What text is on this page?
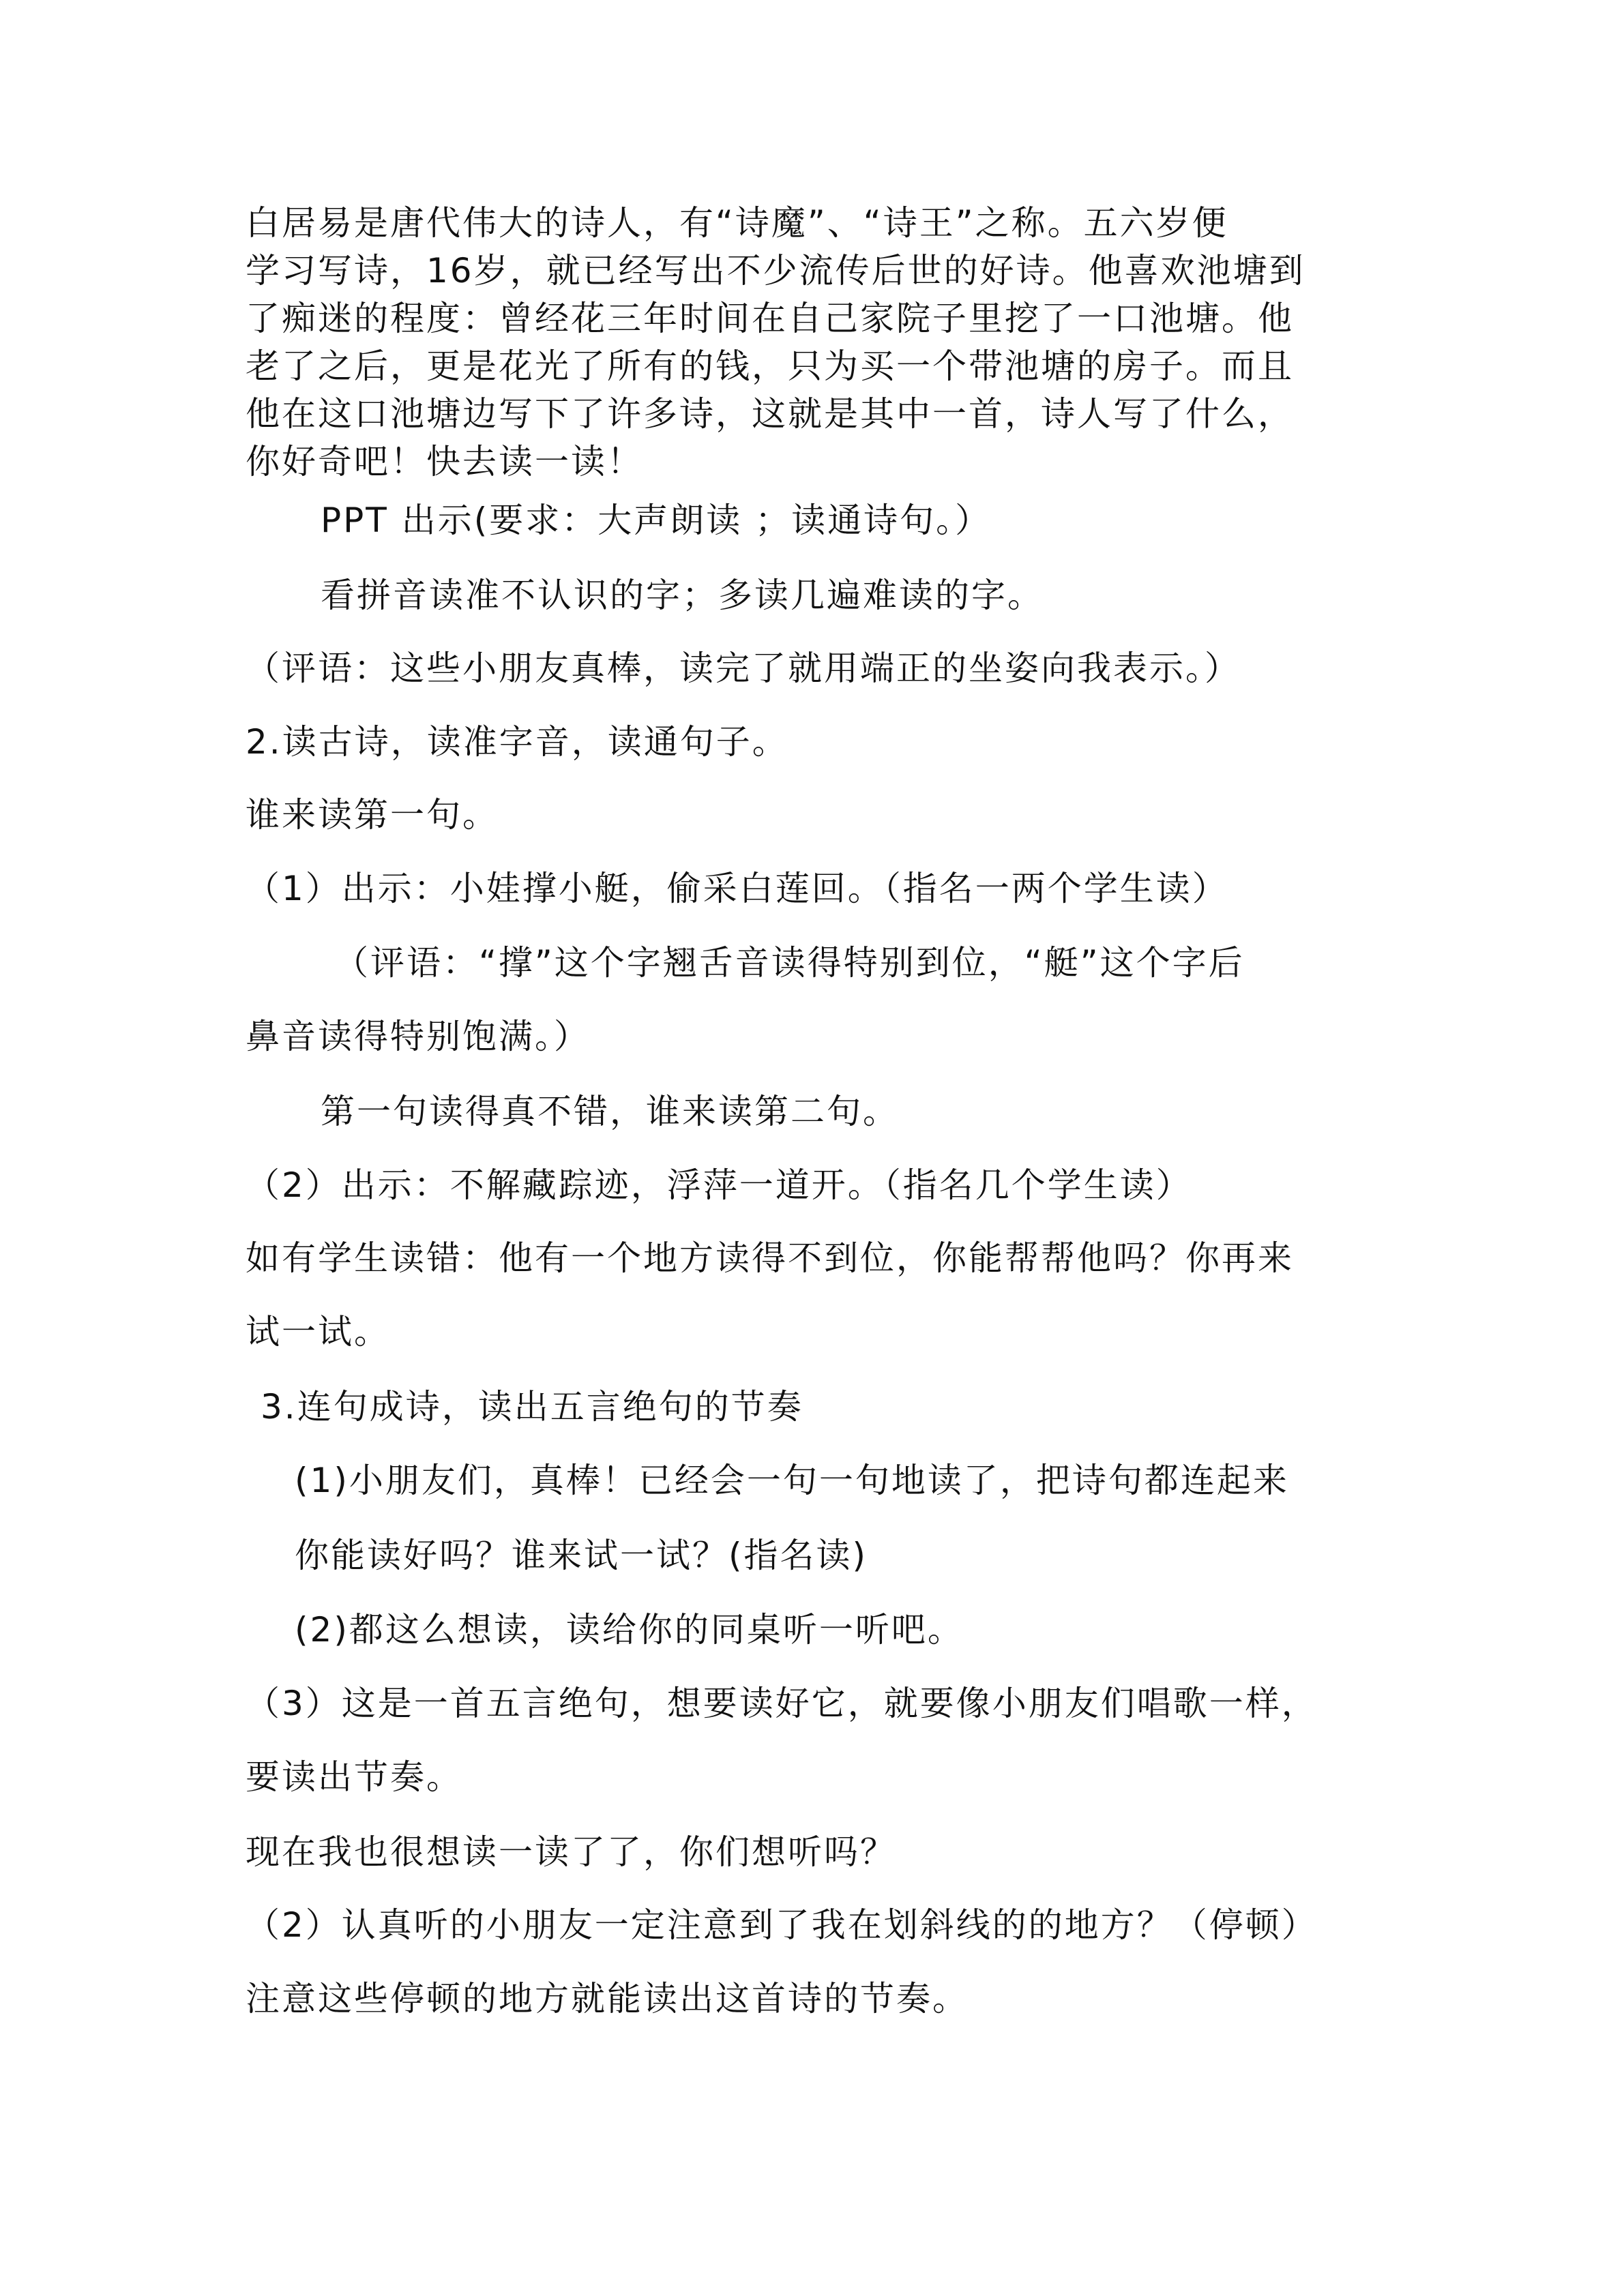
白居易是唐代伟大的诗人，有“诗魔”、“诗王”之称。五六岁便
学习写诗，16岁，就已经写出不少流传后世的好诗。他喜欢池塘到
了痴迷的程度：曾经花三年时间在自己家院子里挖了一口池塘。他
老了之后，更是花光了所有的钱，只为买一个带池塘的房子。而且
他在这口池塘边写下了许多诗，这就是其中一首，诗人写了什么，
你好奇吧！快去读一读！
PPT 出示(要求：大声朗读 ；读通诗句。）
看拼音读准不认识的字；多读几遍难读的字。
（评语：这些小朋友真棒，读完了就用端正的坐姿向我表示。）
2.读古诗，读准字音，读通句子。
谁来读第一句。
（1）出示：小娃撑小艇，偷采白莲回。（指名一两个学生读）
（评语：“撑”这个字翘舌音读得特别到位，“艇”这个字后
鼻音读得特别饱满。）
第一句读得真不错，谁来读第二句。
（2）出示：不解藏踪迹，浮萍一道开。（指名几个学生读）
如有学生读错：他有一个地方读得不到位，你能帮帮他吗？你再来
试一试。
3.连句成诗，读出五言绝句的节奏
(1)小朋友们，真棒！已经会一句一句地读了，把诗句都连起来
你能读好吗？谁来试一试？(指名读)
(2)都这么想读，读给你的同桌听一听吧。
（3）这是一首五言绝句，想要读好它，就要像小朋友们唱歌一样，
要读出节奏。
现在我也很想读一读了了，你们想听吗？
（2）认真听的小朋友一定注意到了我在划斜线的的地方？（停顿）
注意这些停顿的地方就能读出这首诗的节奏。
